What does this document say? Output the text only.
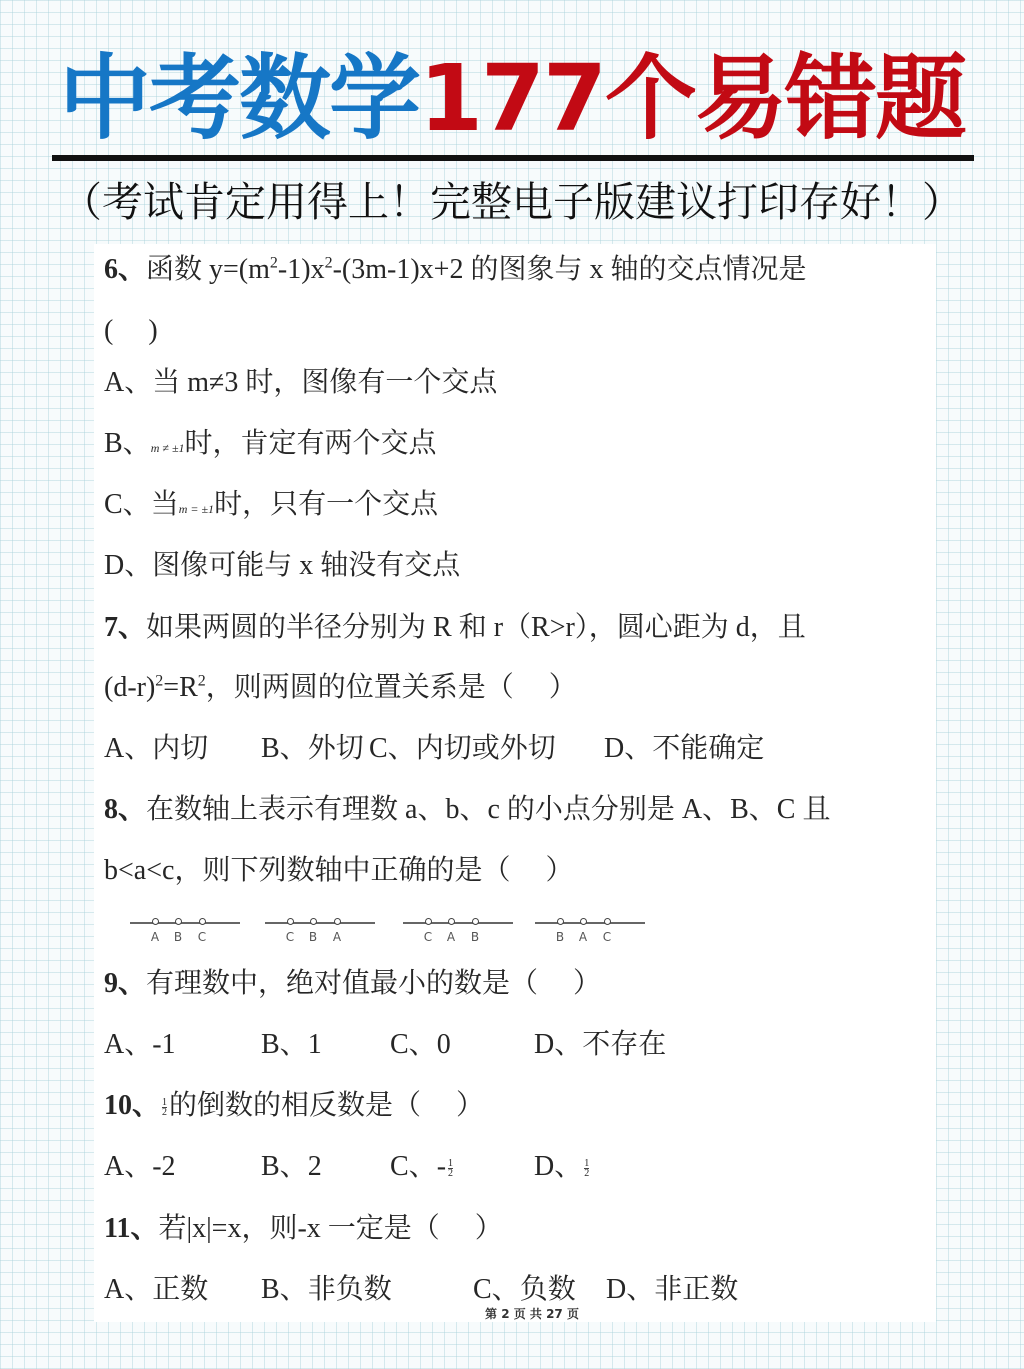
中考数学177个易错题
（考试肯定用得上！完整电子版建议打印存好！）
6、函数 $y=(m^2-1)x^2-(3m-1)x+2$ 的图象与 x 轴的交点情况是
(　 )
A、当 m≠3 时，图像有一个交点
B、m ≠ ±1时，肯定有两个交点
C、当m = ±1时，只有一个交点
D、图像可能与 x 轴没有交点
7、如果两圆的半径分别为 R 和 r（R>r），圆心距为 d，且
$(d-r)^2=R^2$，则两圆的位置关系是（　 ）
A、内切 B、外切 C、内切或外切 D、不能确定
8、在数轴上表示有理数 a、b、c 的小点分别是 A、B、C 且
b<a<c，则下列数轴中正确的是（　 ）
A B C	C B A	C A B	B A C
9、有理数中，绝对值最小的数是（　 ）
A、-1	B、1 C、0	D、不存在
10、 $\frac{1}{2}$ 的倒数的相反数是（　 ）
A、-2	B、2 C、- $\frac{1}{2}$	D、 $\frac{1}{2}$
11、若|x|=x，则-x 一定是（　 ）
A、正数 B、非负数	C、负数 D、非正数
第 2 页 共 27 页
